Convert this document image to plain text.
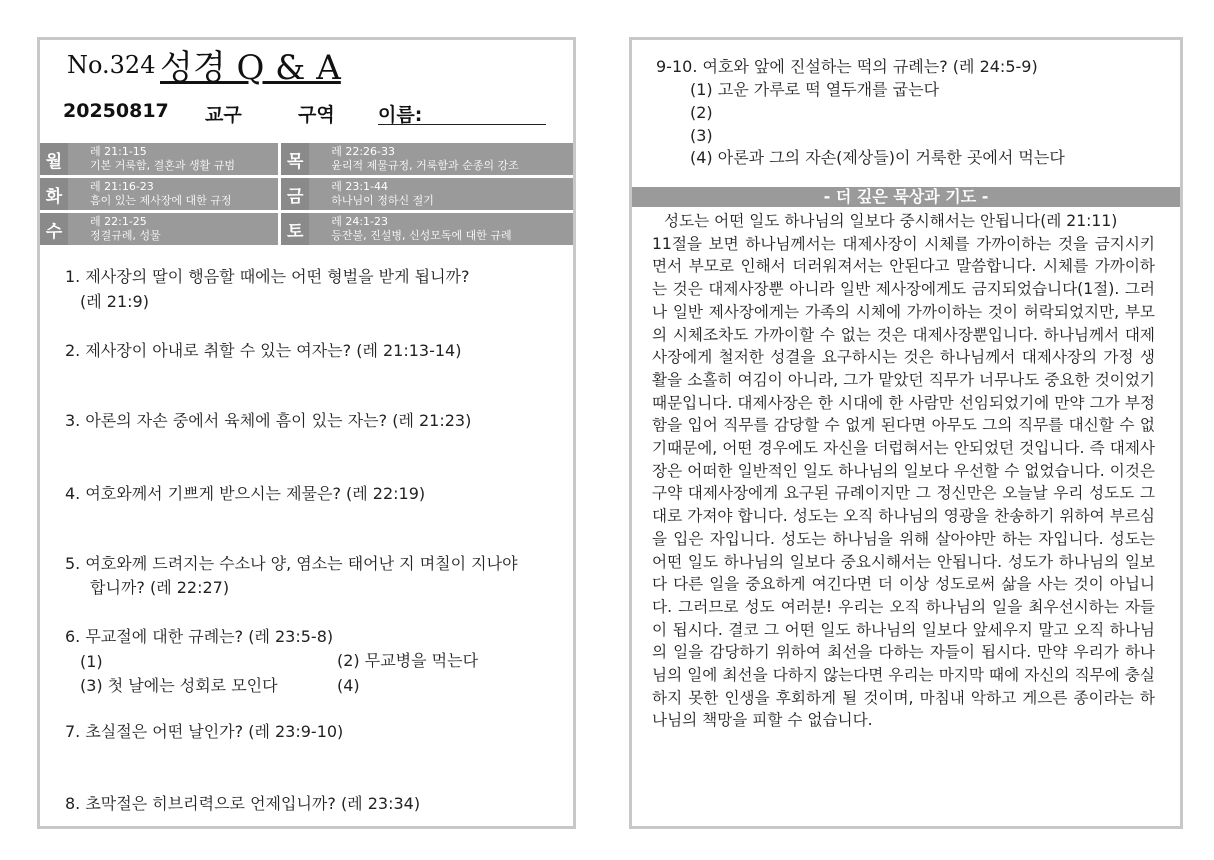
No.324 성경 Q & A
20250817 교구	구역 이름:
월	레 21:1-15
기본 거룩함, 결혼과 생활 규범		목	레 22:26-33
윤리적 제물규정, 거룩함과 순종의 강조

화	레 21:16-23
흠이 있는 제사장에 대한 규정		금	레 23:1-44
하나님이 정하신 절기

수	레 22:1-25
정결규례, 성물		토	레 24:1-23
등잔불, 진설병, 신성모독에 대한 규례
1. 제사장의 딸이 행음할 때에는 어떤 형벌을 받게 됩니까?
(레 21:9)
2. 제사장이 아내로 취할 수 있는 여자는? (레 21:13-14)
3. 아론의 자손 중에서 육체에 흠이 있는 자는? (레 21:23)
4. 여호와께서 기쁘게 받으시는 제물은? (레 22:19)
5. 여호와께 드려지는 수소나 양, 염소는 태어난 지 며칠이 지나야
합니까? (레 22:27)
6. 무교절에 대한 규례는? (레 23:5-8)
(1)	(2) 무교병을 먹는다
(3) 첫 날에는 성회로 모인다	(4)
7. 초실절은 어떤 날인가? (레 23:9-10)
8. 초막절은 히브리력으로 언제입니까? (레 23:34)
9-10. 여호와 앞에 진설하는 떡의 규례는? (레 24:5-9)
(1) 고운 가루로 떡 열두개를 굽는다
(2)
(3)
(4) 아론과 그의 자손(제상들)이 거룩한 곳에서 먹는다
- 더 깊은 묵상과 기도 -

성도는 어떤 일도 하나님의 일보다 중시해서는 안됩니다(레 21:11)

11절을 보면 하나님께서는 대제사장이 시체를 가까이하는 것을 금지시키면서 부모로 인해서 더러워져서는 안된다고 말씀합니다. 시체를 가까이하는 것은 대제사장뿐 아니라 일반 제사장에게도 금지되었습니다(1절). 그러나 일반 제사장에게는 가족의 시체에 가까이하는 것이 허락되었지만, 부모의 시체조차도 가까이할 수 없는 것은 대제사장뿐입니다. 하나님께서 대제사장에게 철저한 성결을 요구하시는 것은 하나님께서 대제사장의 가정 생활을 소홀히 여김이 아니라, 그가 맡았던 직무가 너무나도 중요한 것이었기 때문입니다. 대제사장은 한 시대에 한 사람만 선임되었기에 만약 그가 부정함을 입어 직무를 감당할 수 없게 된다면 아무도 그의 직무를 대신할 수 없기때문에, 어떤 경우에도 자신을 더럽혀서는 안되었던 것입니다. 즉 대제사장은 어떠한 일반적인 일도 하나님의 일보다 우선할 수 없었습니다. 이것은 구약 대제사장에게 요구된 규례이지만 그 정신만은 오늘날 우리 성도도 그대로 가져야 합니다. 성도는 오직 하나님의 영광을 찬송하기 위하여 부르심을 입은 자입니다. 성도는 하나님을 위해 살아야만 하는 자입니다. 성도는 어떤 일도 하나님의 일보다 중요시해서는 안됩니다. 성도가 하나님의 일보다 다른 일을 중요하게 여긴다면 더 이상 성도로써 삶을 사는 것이 아닙니다. 그러므로 성도 여러분! 우리는 오직 하나님의 일을 최우선시하는 자들이 됩시다. 결코 그 어떤 일도 하나님의 일보다 앞세우지 말고 오직 하나님의 일을 감당하기 위하여 최선을 다하는 자들이 됩시다. 만약 우리가 하나님의 일에 최선을 다하지 않는다면 우리는 마지막 때에 자신의 직무에 충실하지 못한 인생을 후회하게 될 것이며, 마침내 악하고 게으른 종이라는 하나님의 책망을 피할 수 없습니다.
